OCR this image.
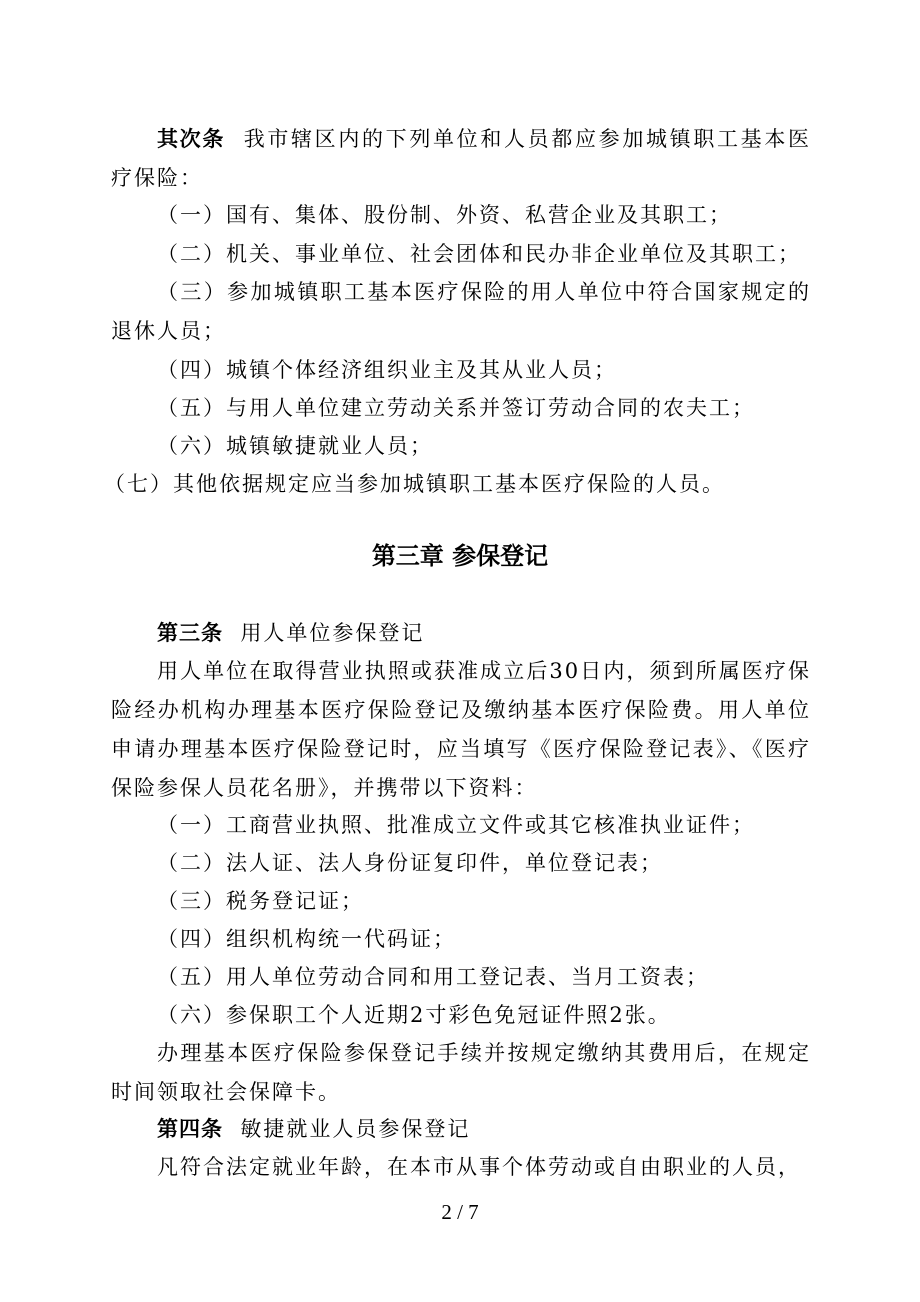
其次条 我市辖区内的下列单位和人员都应参加城镇职工基本医疗保险：
（一）国有、集体、股份制、外资、私营企业及其职工；
（二）机关、事业单位、社会团体和民办非企业单位及其职工；
（三）参加城镇职工基本医疗保险的用人单位中符合国家规定的退休人员；
（四）城镇个体经济组织业主及其从业人员；
（五）与用人单位建立劳动关系并签订劳动合同的农夫工；
（六）城镇敏捷就业人员；
（七）其他依据规定应当参加城镇职工基本医疗保险的人员。
第三章 参保登记
第三条 用人单位参保登记
用人单位在取得营业执照或获准成立后30日内，须到所属医疗保险经办机构办理基本医疗保险登记及缴纳基本医疗保险费。用人单位申请办理基本医疗保险登记时，应当填写《医疗保险登记表》、《医疗保险参保人员花名册》，并携带以下资料：
（一）工商营业执照、批准成立文件或其它核准执业证件；
（二）法人证、法人身份证复印件，单位登记表；
（三）税务登记证；
（四）组织机构统一代码证；
（五）用人单位劳动合同和用工登记表、当月工资表；
（六）参保职工个人近期2寸彩色免冠证件照2张。
办理基本医疗保险参保登记手续并按规定缴纳其费用后，在规定时间领取社会保障卡。
第四条 敏捷就业人员参保登记
凡符合法定就业年龄，在本市从事个体劳动或自由职业的人员，
2 / 7
